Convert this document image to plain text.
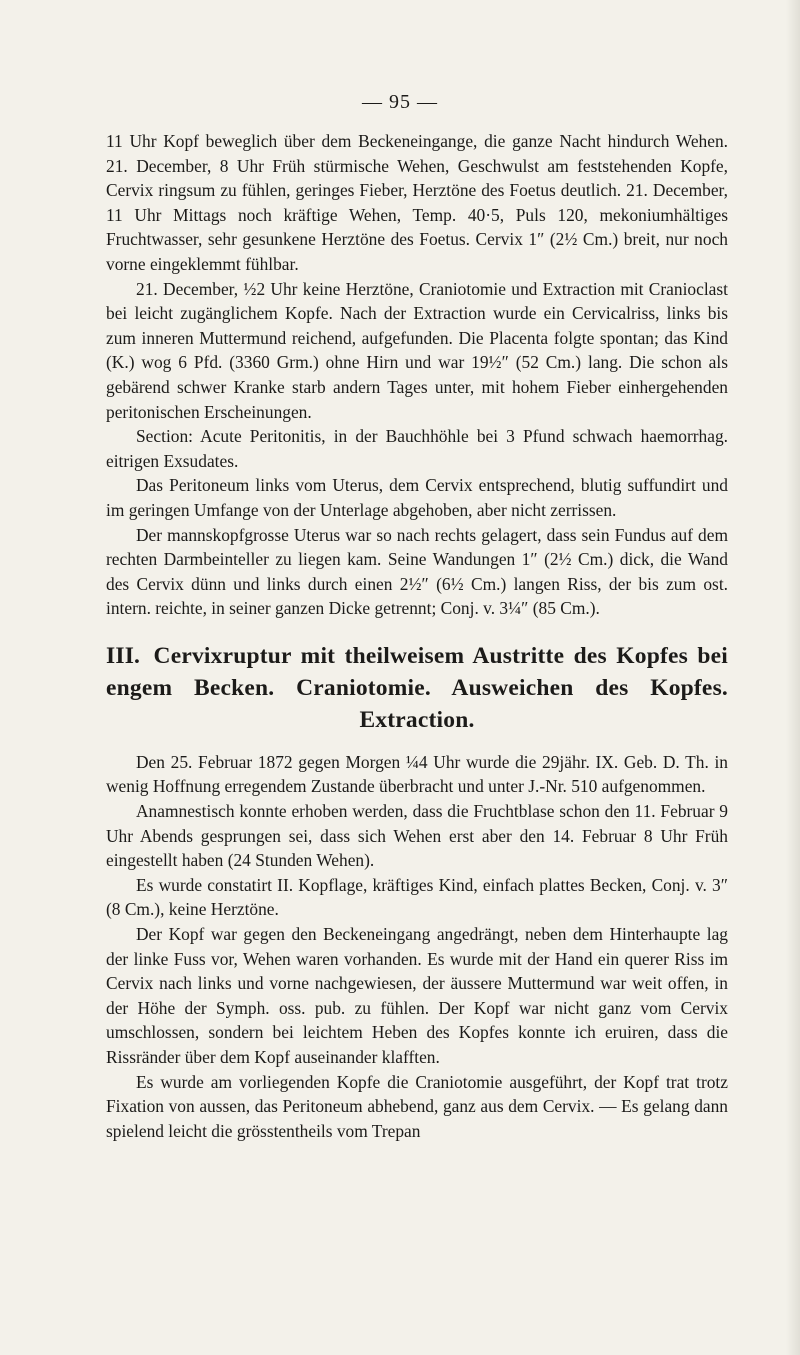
— 95 —

11 Uhr Kopf beweglich über dem Beckeneingange, die ganze Nacht hindurch Wehen. 21. December, 8 Uhr Früh stürmische Wehen, Geschwulst am feststehenden Kopfe, Cervix ringsum zu fühlen, geringes Fieber, Herztöne des Foetus deutlich. 21. December, 11 Uhr Mittags noch kräftige Wehen, Temp. 40·5, Puls 120, mekoniumhältiges Fruchtwasser, sehr gesunkene Herztöne des Foetus. Cervix 1″ (2½ Cm.) breit, nur noch vorne eingeklemmt fühlbar.

21. December, ½2 Uhr keine Herztöne, Craniotomie und Extraction mit Cranioclast bei leicht zugänglichem Kopfe. Nach der Extraction wurde ein Cervicalriss, links bis zum inneren Muttermund reichend, aufgefunden. Die Placenta folgte spontan; das Kind (K.) wog 6 Pfd. (3360 Grm.) ohne Hirn und war 19½″ (52 Cm.) lang. Die schon als gebärend schwer Kranke starb andern Tages unter, mit hohem Fieber einhergehenden peritonischen Erscheinungen.

Section: Acute Peritonitis, in der Bauchhöhle bei 3 Pfund schwach haemorrhag. eitrigen Exsudates.

Das Peritoneum links vom Uterus, dem Cervix entsprechend, blutig suffundirt und im geringen Umfange von der Unterlage abgehoben, aber nicht zerrissen.

Der mannskopfgrosse Uterus war so nach rechts gelagert, dass sein Fundus auf dem rechten Darmbeinteller zu liegen kam. Seine Wandungen 1″ (2½ Cm.) dick, die Wand des Cervix dünn und links durch einen 2½″ (6½ Cm.) langen Riss, der bis zum ost. intern. reichte, in seiner ganzen Dicke getrennt; Conj. v. 3¼″ (85 Cm.).

III. Cervixruptur mit theilweisem Austritte des Kopfes bei engem Becken. Craniotomie. Ausweichen des Kopfes. Extraction.

Den 25. Februar 1872 gegen Morgen ¼4 Uhr wurde die 29jähr. IX. Geb. D. Th. in wenig Hoffnung erregendem Zustande überbracht und unter J.-Nr. 510 aufgenommen.

Anamnestisch konnte erhoben werden, dass die Fruchtblase schon den 11. Februar 9 Uhr Abends gesprungen sei, dass sich Wehen erst aber den 14. Februar 8 Uhr Früh eingestellt haben (24 Stunden Wehen).

Es wurde constatirt II. Kopflage, kräftiges Kind, einfach plattes Becken, Conj. v. 3″ (8 Cm.), keine Herztöne.

Der Kopf war gegen den Beckeneingang angedrängt, neben dem Hinterhaupte lag der linke Fuss vor, Wehen waren vorhanden. Es wurde mit der Hand ein querer Riss im Cervix nach links und vorne nachgewiesen, der äussere Muttermund war weit offen, in der Höhe der Symph. oss. pub. zu fühlen. Der Kopf war nicht ganz vom Cervix umschlossen, sondern bei leichtem Heben des Kopfes konnte ich eruiren, dass die Rissränder über dem Kopf auseinander klafften.

Es wurde am vorliegenden Kopfe die Craniotomie ausgeführt, der Kopf trat trotz Fixation von aussen, das Peritoneum abhebend, ganz aus dem Cervix. — Es gelang dann spielend leicht die grösstentheils vom Trepan
